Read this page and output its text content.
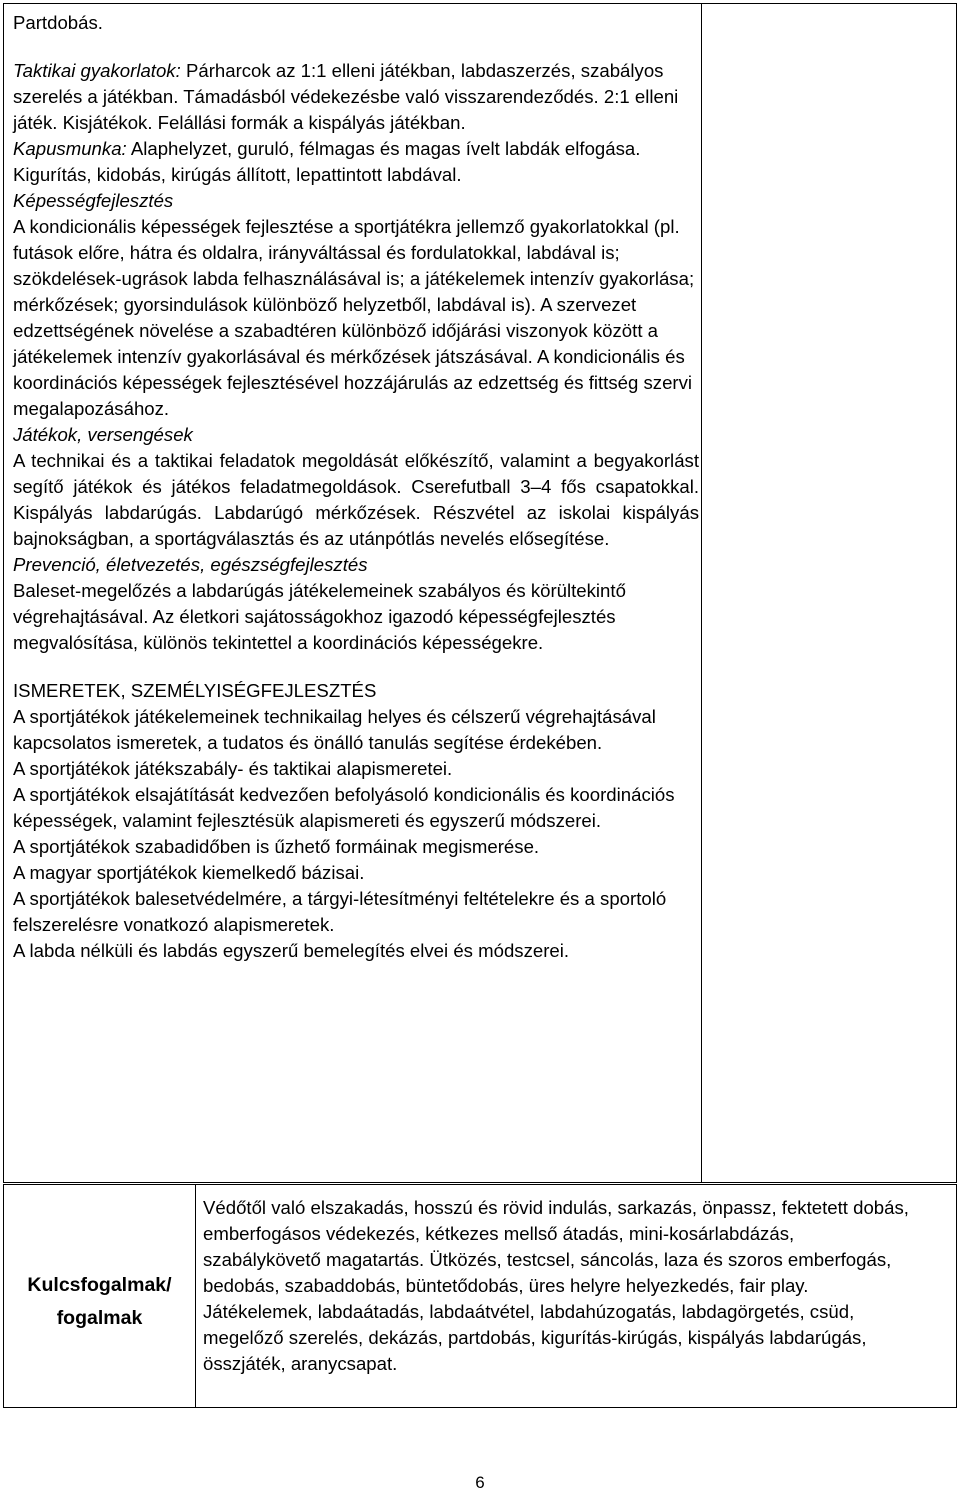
Partdobás.

Taktikai gyakorlatok: Párharcok az 1:1 elleni játékban, labdaszerzés, szabályos szerelés a játékban. Támadásból védekezésbe való visszarendeződés. 2:1 elleni játék. Kisjátékok. Felállási formák a kispályás játékban.

Kapusmunka: Alaphelyzet, guruló, félmagas és magas ívelt labdák elfogása. Kigurítás, kidobás, kirúgás állított, lepattintott labdával.

Képességfejlesztés

A kondicionális képességek fejlesztése a sportjátékra jellemző gyakorlatokkal (pl. futások előre, hátra és oldalra, irányváltással és fordulatokkal, labdával is; szökdelések-ugrások labda felhasználásával is; a játékelemek intenzív gyakorlása; mérkőzések; gyorsindulások különböző helyzetből, labdával is). A szervezet edzettségének növelése a szabadtéren különböző időjárási viszonyok között a játékelemek intenzív gyakorlásával és mérkőzések játszásával. A kondicionális és koordinációs képességek fejlesztésével hozzájárulás az edzettség és fittség szervi megalapozásához.

Játékok, versengések

A technikai és a taktikai feladatok megoldását előkészítő, valamint a begyakorlást segítő játékok és játékos feladatmegoldások. Cserefutball 3‒4 fős csapatokkal. Kispályás labdarúgás. Labdarúgó mérkőzések. Részvétel az iskolai kispályás bajnokságban, a sportágválasztás és az utánpótlás nevelés elősegítése.

Prevenció, életvezetés, egészségfejlesztés

Baleset-megelőzés a labdarúgás játékelemeinek szabályos és körültekintő végrehajtásával. Az életkori sajátosságokhoz igazodó képességfejlesztés megvalósítása, különös tekintettel a koordinációs képességekre.

ISMERETEK, SZEMÉLYISÉGFEJLESZTÉS

A sportjátékok játékelemeinek technikailag helyes és célszerű végrehajtásával kapcsolatos ismeretek, a tudatos és önálló tanulás segítése érdekében.

A sportjátékok játékszabály- és taktikai alapismeretei.

A sportjátékok elsajátítását kedvezően befolyásoló kondicionális és koordinációs képességek, valamint fejlesztésük alapismereti és egyszerű módszerei.

A sportjátékok szabadidőben is űzhető formáinak megismerése.

A magyar sportjátékok kiemelkedő bázisai.

A sportjátékok balesetvédelmére, a tárgyi-létesítményi feltételekre és a sportoló felszerelésre vonatkozó alapismeretek.

A labda nélküli és labdás egyszerű bemelegítés elvei és módszerei.

Kulcsfogalmak/
fogalmak
Védőtől való elszakadás, hosszú és rövid indulás, sarkazás, önpassz, fektetett dobás, emberfogásos védekezés, kétkezes mellső átadás, mini-kosárlabdázás, szabálykövető magatartás. Ütközés, testcsel, sáncolás, laza és szoros emberfogás, bedobás, szabaddobás, büntetődobás, üres helyre helyezkedés, fair play. Játékelemek, labdaátadás, labdaátvétel, labdahúzogatás, labdagörgetés, csüd, megelőző szerelés, dekázás, partdobás, kigurítás-kirúgás, kispályás labdarúgás, összjáték, aranycsapat.
6
